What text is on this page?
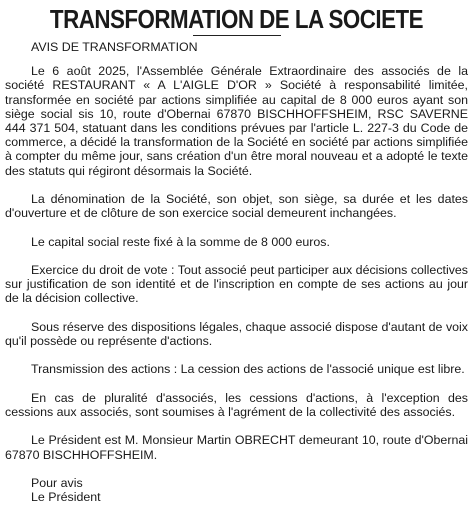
TRANSFORMATION DE LA SOCIETE

AVIS DE TRANSFORMATION

Le 6 août 2025, l'Assemblée Générale Extraordinaire des associés de la société RESTAURANT « A L'AIGLE D'OR » Société à responsabilité limitée, transformée en société par actions simplifiée au capital de 8 000 euros ayant son siège social sis 10, route d'Obernai 67870 BISCHHOFFSHEIM, RSC SAVERNE 444 371 504, statuant dans les conditions prévues par l'article L. 227-3 du Code de commerce, a décidé la transformation de la Société en société par actions simplifiée à compter du même jour, sans création d'un être moral nouveau et a adopté le texte des statuts qui régiront désormais la Société.

La dénomination de la Société, son objet, son siège, sa durée et les dates d'ouverture et de clôture de son exercice social demeurent inchangées.

Le capital social reste fixé à la somme de 8 000 euros.

Exercice du droit de vote : Tout associé peut participer aux décisions collectives sur justification de son identité et de l'inscription en compte de ses actions au jour de la décision collective.

Sous réserve des dispositions légales, chaque associé dispose d'autant de voix qu'il possède ou représente d'actions.

Transmission des actions : La cession des actions de l'associé unique est libre.

En cas de pluralité d'associés, les cessions d'actions, à l'exception des cessions aux associés, sont soumises à l'agrément de la collectivité des associés.

Le Président est M. Monsieur Martin OBRECHT demeurant 10, route d'Obernai 67870 BISCHHOFFSHEIM.

Pour avis

Le Président
